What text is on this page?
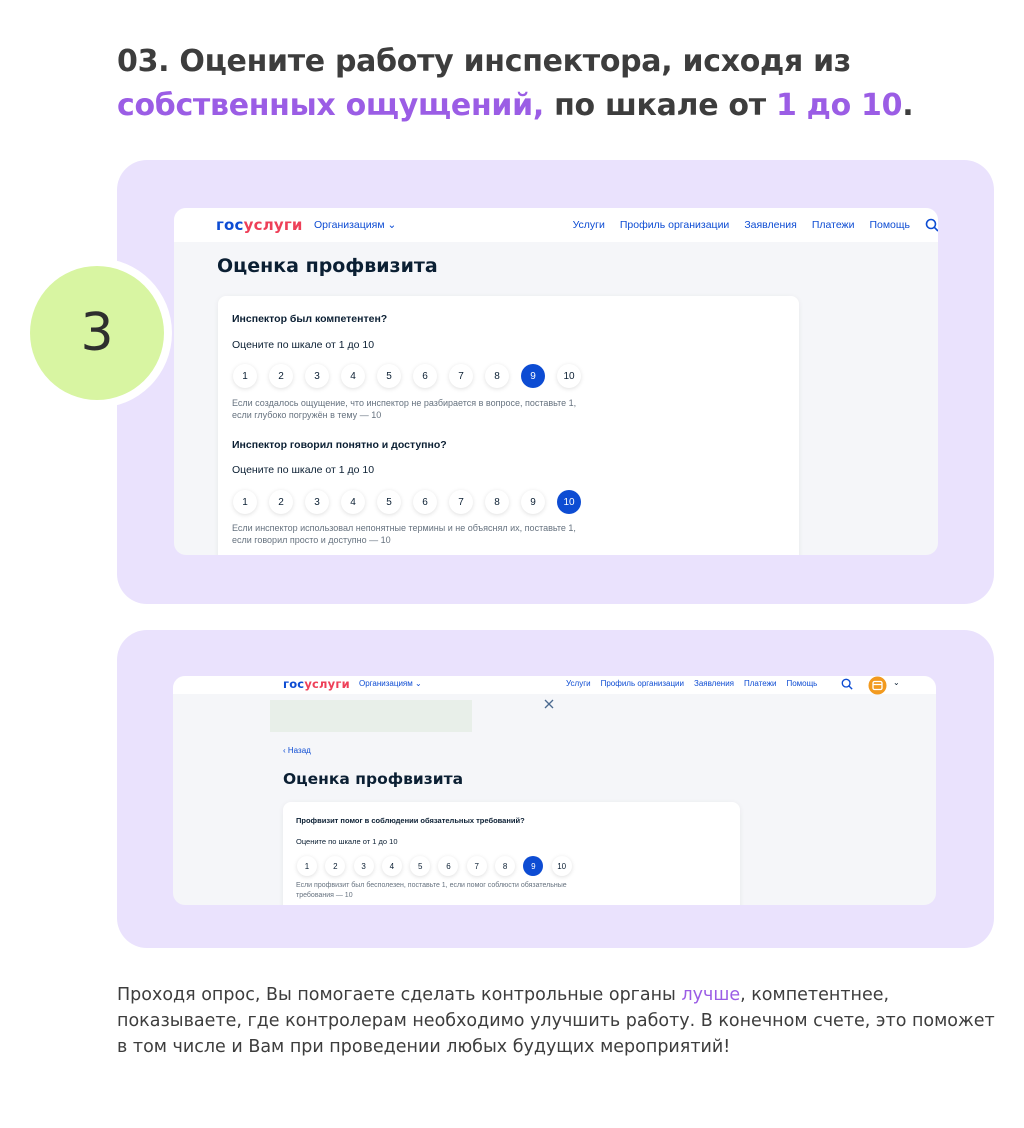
03. Оцените работу инспектора, исходя из собственных ощущений, по шкале от 1 до 10.

3
госуслуги Организациям ⌄	Услуги Профиль организации Заявления Платежи Помощь
Оценка профвизита
Инспектор был компетентен?
Оцените по шкале от 1 до 10
1	2	3	4	5	6	7	8	9	10
Если создалось ощущение, что инспектор не разбирается в вопросе, поставьте 1,
если глубоко погружён в тему — 10
Инспектор говорил понятно и доступно?
Оцените по шкале от 1 до 10
1	2	3	4	5	6	7	8	9	10
Если инспектор использовал непонятные термины и не объяснял их, поставьте 1,
если говорил просто и доступно — 10
госуслуги Организациям ⌄	Услуги Профиль организации Заявления Платежи Помощь	⌄
‹ Назад
Оценка профвизита
Профвизит помог в соблюдении обязательных требований?
Оцените по шкале от 1 до 10
1	2	3	4	5	6	7	8	9	10
Если профвизит был бесполезен, поставьте 1, если помог соблюсти обязательные
требования — 10

Проходя опрос, Вы помогаете сделать контрольные органы лучше, компетентнее, показываете, где контролерам необходимо улучшить работу. В конечном счете, это поможет в том числе и Вам при проведении любых будущих мероприятий!
